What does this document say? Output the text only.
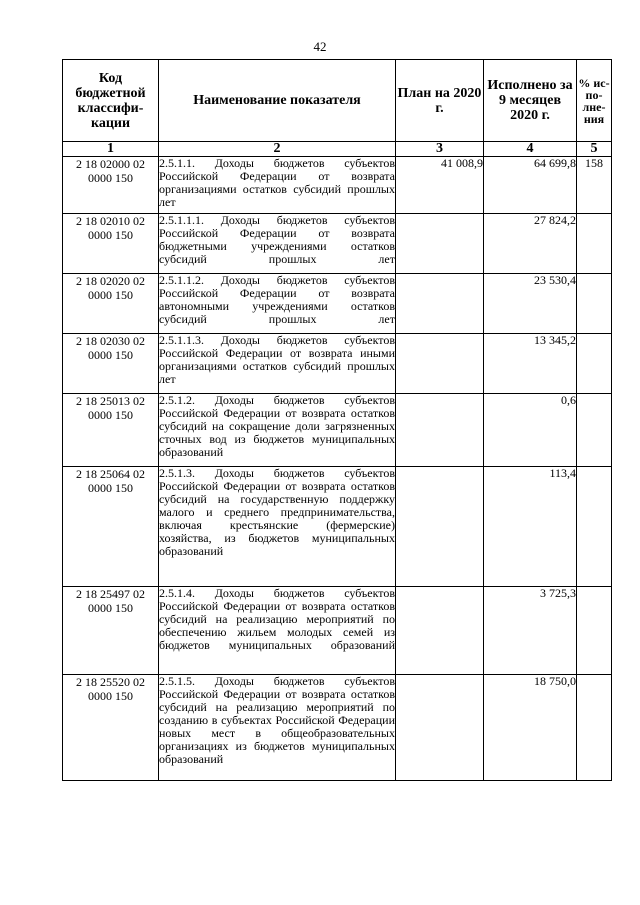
42
Код бюджетной классифи-кации	Наименование показателя	План на 2020 г.	Исполнено за 9 месяцев 2020 г.	% ис-по-лне-ния
1	2	3	4	5
2 18 02000 02 0000 150	2.5.1.1. Доходы бюджетов субъектов Российской Федерации от возврата организациями остатков субсидий прошлых лет	41 008,9	64 699,8	158
2 18 02010 02 0000 150	2.5.1.1.1. Доходы бюджетов субъектов Российской Федерации от возврата бюджетными учреждениями остатков субсидий прошлых лет		27 824,2	
2 18 02020 02 0000 150	2.5.1.1.2. Доходы бюджетов субъектов Российской Федерации от возврата автономными учреждениями остатков субсидий прошлых лет		23 530,4	
2 18 02030 02 0000 150	2.5.1.1.3. Доходы бюджетов субъектов Российской Федерации от возврата иными организациями остатков субсидий прошлых лет		13 345,2	
2 18 25013 02 0000 150	2.5.1.2. Доходы бюджетов субъектов Российской Федерации от возврата остатков субсидий на сокращение доли загрязненных сточных вод из бюджетов муниципальных образований		0,6	
2 18 25064 02 0000 150	2.5.1.3. Доходы бюджетов субъектов Российской Федерации от возврата остатков субсидий на государственную поддержку малого и среднего предпринимательства, включая крестьянские (фермерские) хозяйства, из бюджетов муниципальных образований		113,4	
2 18 25497 02 0000 150	2.5.1.4. Доходы бюджетов субъектов Российской Федерации от возврата остатков субсидий на реализацию мероприятий по обеспечению жильем молодых семей из бюджетов муниципальных образований		3 725,3	
2 18 25520 02 0000 150	2.5.1.5. Доходы бюджетов субъектов Российской Федерации от возврата остатков субсидий на реализацию мероприятий по созданию в субъектах Российской Федерации новых мест в общеобразовательных организациях из бюджетов муниципальных образований		18 750,0	
